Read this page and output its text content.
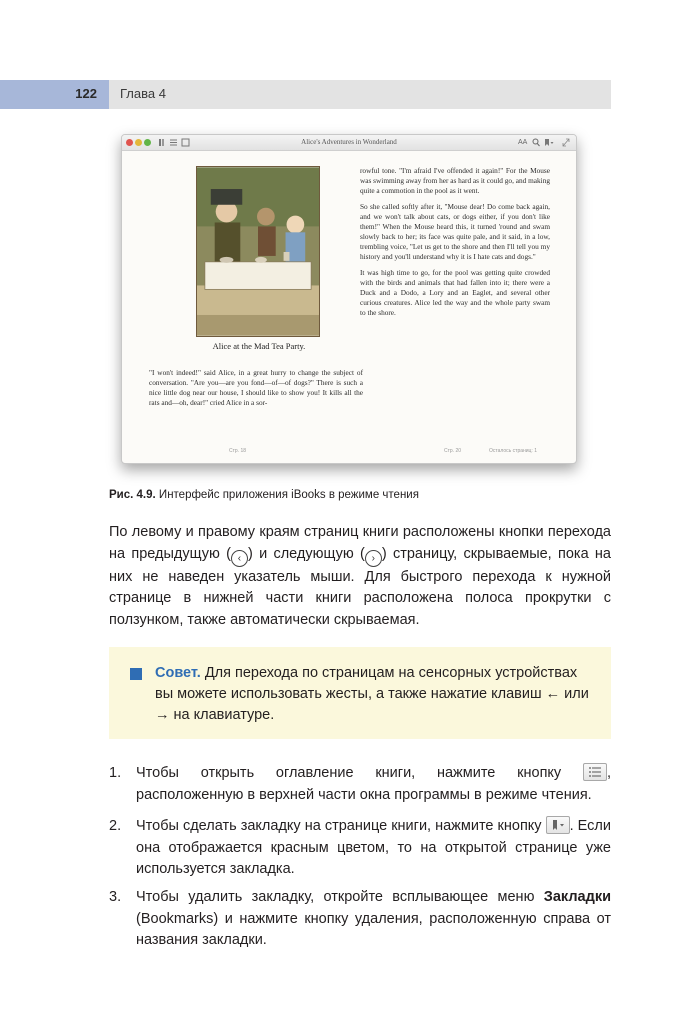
122 Глава 4
Alice's Adventures in Wonderland	AA
Alice at the Mad Tea Party.

"I won't indeed!" said Alice, in a great hurry to change the subject of conversation. "Are you—are you fond—of—of dogs?" There is such a nice little dog near our house, I should like to show you! It kills all the rats and—oh, dear!" cried Alice in a sor-

rowful tone. "I'm afraid I've offended it again!" For the Mouse was swimming away from her as hard as it could go, and making quite a commotion in the pool as it went.

So she called softly after it, "Mouse dear! Do come back again, and we won't talk about cats, or dogs either, if you don't like them!" When the Mouse heard this, it turned 'round and swam slowly back to her; its face was quite pale, and it said, in a low, trembling voice, "Let us get to the shore and then I'll tell you my history and you'll understand why it is I hate cats and dogs."

It was high time to go, for the pool was getting quite crowded with the birds and animals that had fallen into it; there were a Duck and a Dodo, a Lory and an Eaglet, and several other curious creatures. Alice led the way and the whole party swam to the shore.

Стр. 18	Стр. 20	Осталось страниц: 1
Рис. 4.9. Интерфейс приложения iBooks в режиме чтения
По левому и правому краям страниц книги расположены кнопки перехода на предыдущую ( ‹ ) и следующую ( › ) страницу, скрываемые, пока на них не наведен указатель мыши. Для быстрого перехода к нужной странице в нижней части книги расположена полоса прокрутки с ползунком, также автоматически скрываемая.
Совет. Для перехода по страницам на сенсорных устройствах вы можете использовать жесты, а также нажатие клавиш ← или → на клавиатуре.
1. Чтобы открыть оглавление книги, нажмите кнопку
, расположенную в верхней части окна программы в режиме чтения.
2. Чтобы сделать закладку на странице книги, нажмите кнопку
. Если она отображается красным цветом, то на открытой странице уже используется закладка.
3. Чтобы удалить закладку, откройте всплывающее меню Закладки (Bookmarks) и нажмите кнопку удаления, расположенную справа от названия закладки.
